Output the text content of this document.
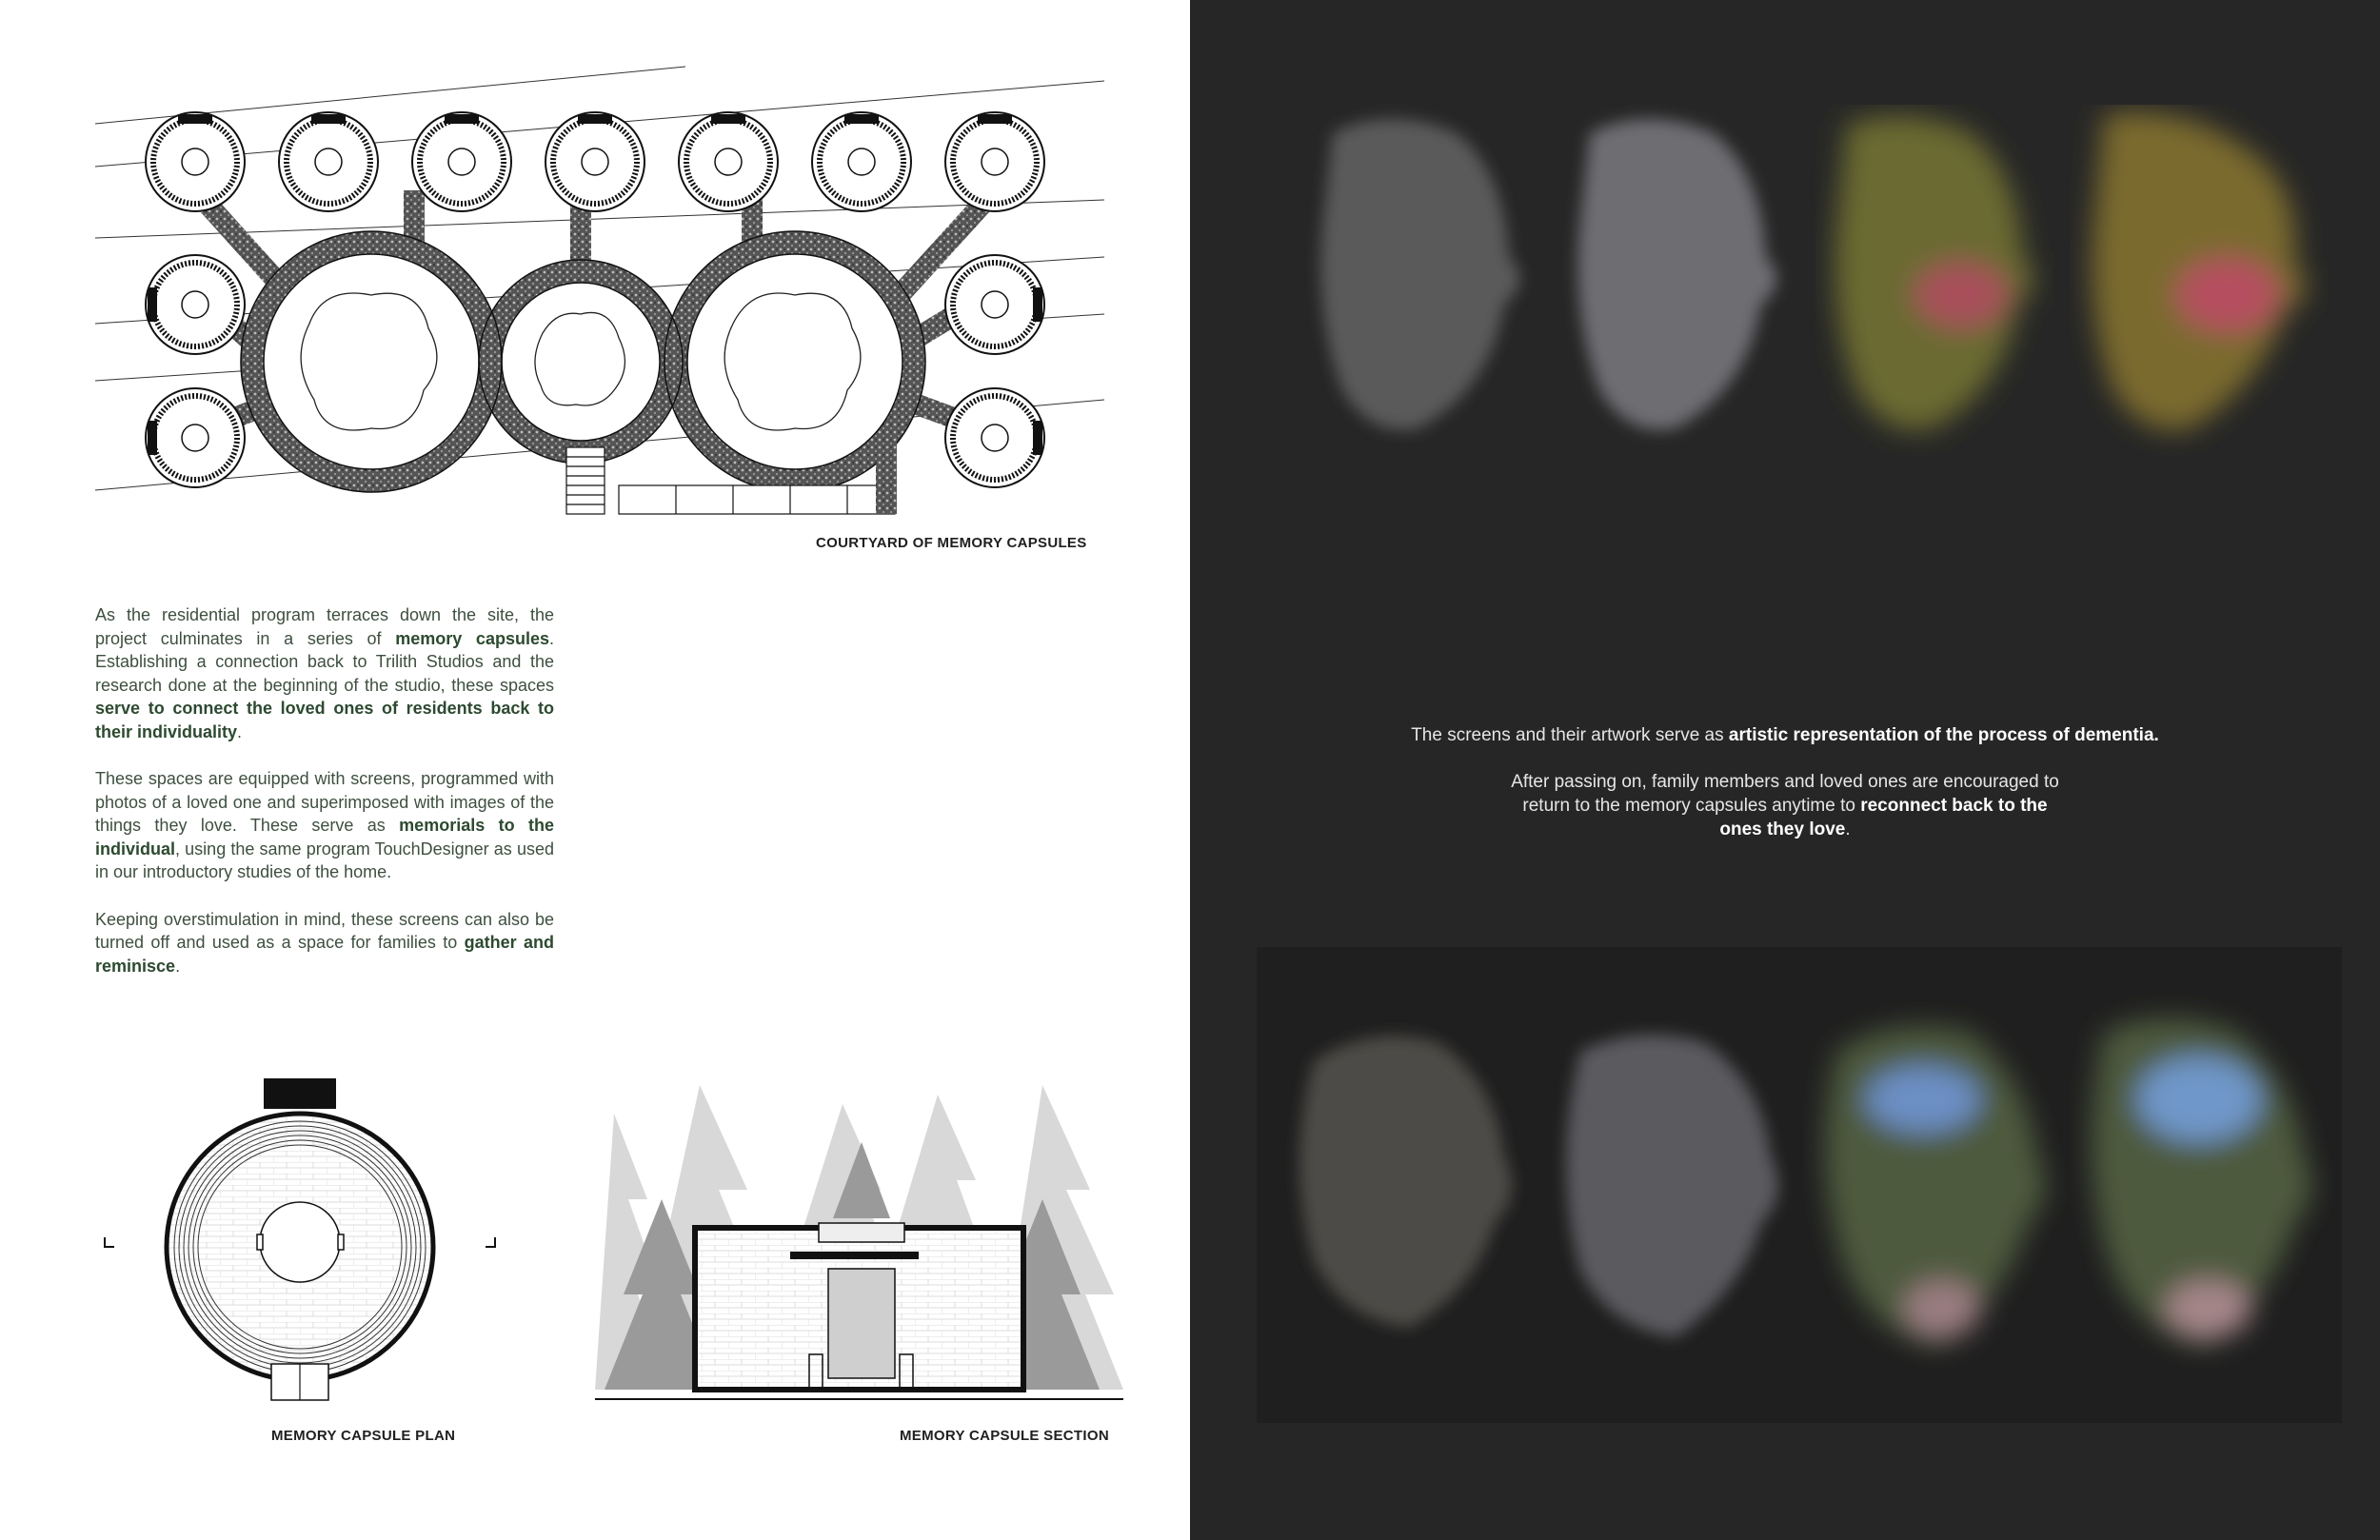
COURTYARD OF MEMORY CAPSULES

As the residential program terraces down the site, the project culminates in a series of memory capsules. Establishing a connection back to Trilith Studios and the research done at the beginning of the studio, these spaces serve to connect the loved ones of residents back to their individuality.

These spaces are equipped with screens, programmed with photos of a loved one and superimposed with images of the things they love. These serve as memorials to the individual, using the same program TouchDesigner as used in our introductory studies of the home.

Keeping overstimulation in mind, these screens can also be turned off and used as a space for families to gather and reminisce.

MEMORY CAPSULE PLAN	MEMORY CAPSULE SECTION
The screens and their artwork serve as artistic representation of the process of dementia.
After passing on, family members and loved ones are encouraged to return to the memory capsules anytime to reconnect back to the ones they love.
